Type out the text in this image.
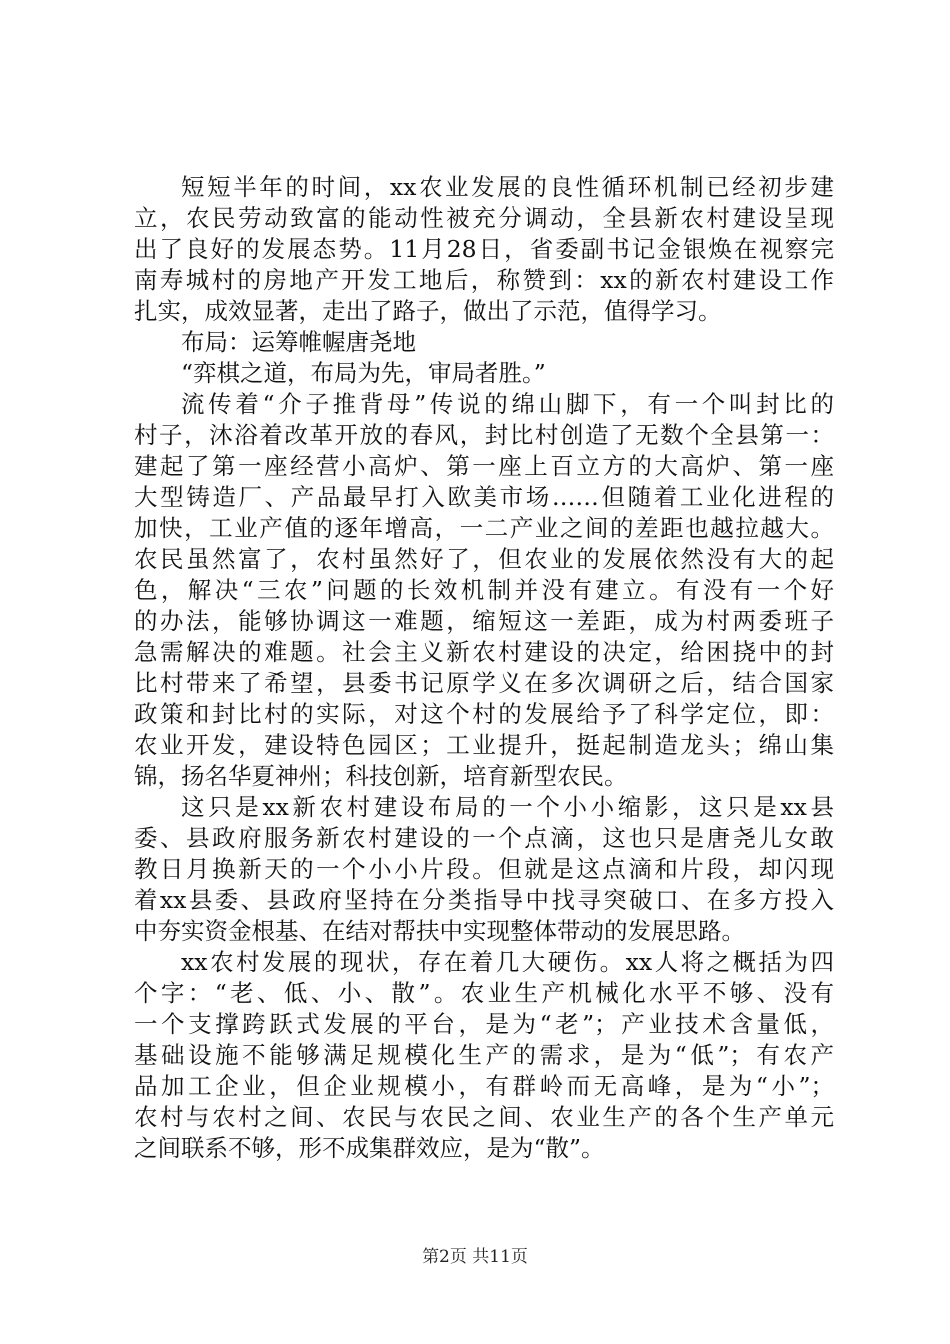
短短半年的时间，xx农业发展的良性循环机制已经初步建
立，农民劳动致富的能动性被充分调动，全县新农村建设呈现
出了良好的发展态势。11月28日，省委副书记金银焕在视察完
南寿城村的房地产开发工地后，称赞到：xx的新农村建设工作
扎实，成效显著，走出了路子，做出了示范，值得学习。
布局：运筹帷幄唐尧地
“弈棋之道，布局为先，审局者胜。”
流传着“介子推背母”传说的绵山脚下，有一个叫封比的
村子，沐浴着改革开放的春风，封比村创造了无数个全县第一：
建起了第一座经营小高炉、第一座上百立方的大高炉、第一座
大型铸造厂、产品最早打入欧美市场……但随着工业化进程的
加快，工业产值的逐年增高，一二产业之间的差距也越拉越大。
农民虽然富了，农村虽然好了，但农业的发展依然没有大的起
色，解决“三农”问题的长效机制并没有建立。有没有一个好
的办法，能够协调这一难题，缩短这一差距，成为村两委班子
急需解决的难题。社会主义新农村建设的决定，给困挠中的封
比村带来了希望，县委书记原学义在多次调研之后，结合国家
政策和封比村的实际，对这个村的发展给予了科学定位，即：
农业开发，建设特色园区；工业提升，挺起制造龙头；绵山集
锦，扬名华夏神州；科技创新，培育新型农民。
这只是xx新农村建设布局的一个小小缩影，这只是xx县
委、县政府服务新农村建设的一个点滴，这也只是唐尧儿女敢
教日月换新天的一个小小片段。但就是这点滴和片段，却闪现
着xx县委、县政府坚持在分类指导中找寻突破口、在多方投入
中夯实资金根基、在结对帮扶中实现整体带动的发展思路。
xx农村发展的现状，存在着几大硬伤。xx人将之概括为四
个字：“老、低、小、散”。农业生产机械化水平不够、没有
一个支撑跨跃式发展的平台，是为“老”；产业技术含量低，
基础设施不能够满足规模化生产的需求，是为“低”；有农产
品加工企业，但企业规模小，有群岭而无高峰，是为“小”；
农村与农村之间、农民与农民之间、农业生产的各个生产单元
之间联系不够，形不成集群效应，是为“散”。
第2页 共11页
